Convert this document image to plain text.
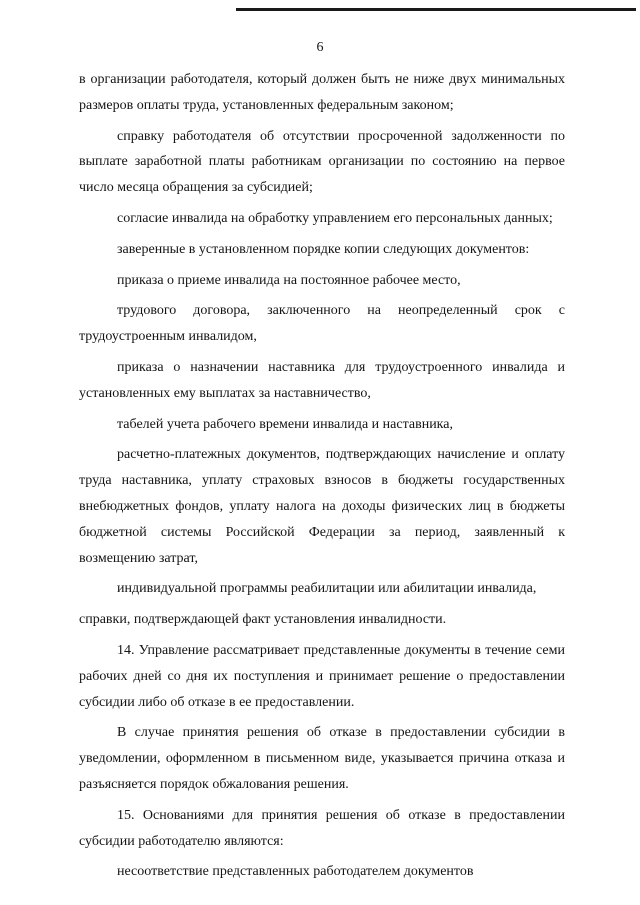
6

в организации работодателя, который должен быть не ниже двух минимальных размеров оплаты труда, установленных федеральным законом;

справку работодателя об отсутствии просроченной задолженности по выплате заработной платы работникам организации по состоянию на первое число месяца обращения за субсидией;

согласие инвалида на обработку управлением его персональных данных;

заверенные в установленном порядке копии следующих документов:

приказа о приеме инвалида на постоянное рабочее место,

трудового договора, заключенного на неопределенный срок с трудоустроенным инвалидом,

приказа о назначении наставника для трудоустроенного инвалида и установленных ему выплатах за наставничество,

табелей учета рабочего времени инвалида и наставника,

расчетно-платежных документов, подтверждающих начисление и оплату труда наставника, уплату страховых взносов в бюджеты государственных внебюджетных фондов, уплату налога на доходы физических лиц в бюджеты бюджетной системы Российской Федерации за период, заявленный к возмещению затрат,

индивидуальной программы реабилитации или абилитации инвалида,

справки, подтверждающей факт установления инвалидности.

14. Управление рассматривает представленные документы в течение семи рабочих дней со дня их поступления и принимает решение о предоставлении субсидии либо об отказе в ее предоставлении.

В случае принятия решения об отказе в предоставлении субсидии в уведомлении, оформленном в письменном виде, указывается причина отказа и разъясняется порядок обжалования решения.

15. Основаниями для принятия решения об отказе в предоставлении субсидии работодателю являются:

несоответствие представленных работодателем документов
